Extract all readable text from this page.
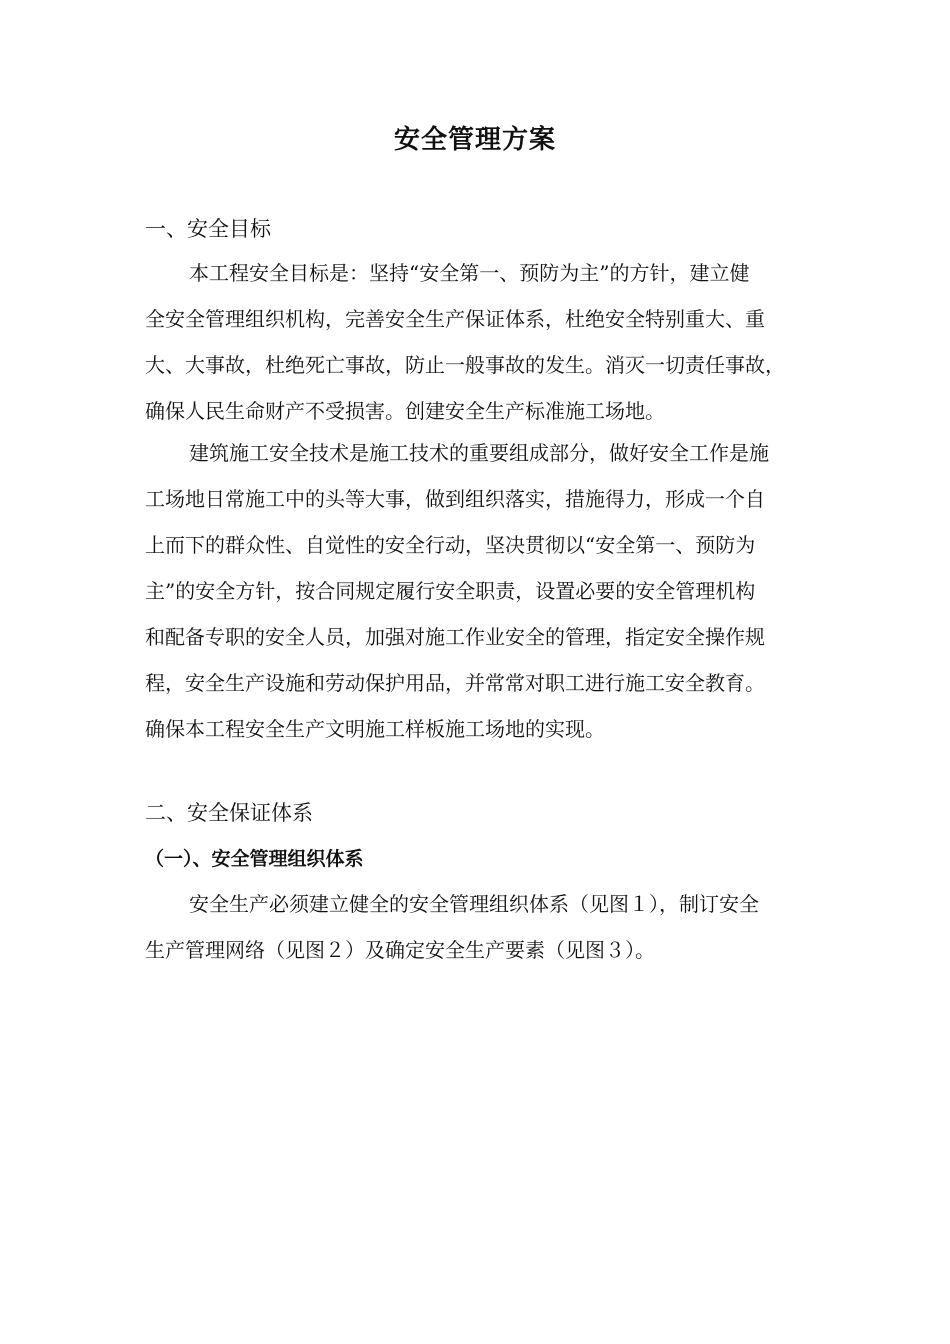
安全管理方案
一、安全目标
本工程安全目标是：坚持“安全第一、预防为主”的方针，建立健
全安全管理组织机构，完善安全生产保证体系，杜绝安全特别重大、重
大、大事故，杜绝死亡事故，防止一般事故的发生。消灭一切责任事故，
确保人民生命财产不受损害。创建安全生产标准施工场地。
建筑施工安全技术是施工技术的重要组成部分，做好安全工作是施
工场地日常施工中的头等大事，做到组织落实，措施得力，形成一个自
上而下的群众性、自觉性的安全行动，坚决贯彻以“安全第一、预防为
主”的安全方针，按合同规定履行安全职责，设置必要的安全管理机构
和配备专职的安全人员，加强对施工作业安全的管理，指定安全操作规
程，安全生产设施和劳动保护用品，并常常对职工进行施工安全教育。
确保本工程安全生产文明施工样板施工场地的实现。
二、安全保证体系
（一）、安全管理组织体系
安全生产必须建立健全的安全管理组织体系（见图１），制订安全
生产管理网络（见图２）及确定安全生产要素（见图３）。
